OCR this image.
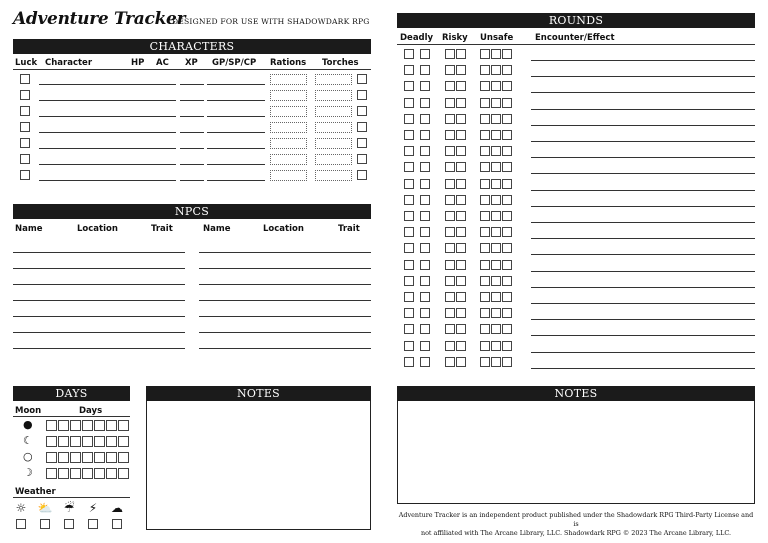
Adventure Tracker
DESIGNED FOR USE WITH SHADOWDARK RPG
CHARACTERS
Luck Character	HP AC XP GP/SP/CP Rations Torches
NPCS
Name	Location	Trait	Name	Location	Trait
DAYS
Moon	Days
●
☾
○
☽
Weather
☼ ⛅ ☔	⚡	☁
NOTES
ROUNDS
Deadly Risky Unsafe	Encounter/Effect
NOTES
Adventure Tracker is an independent product published under the Shadowdark RPG Third-Party License and is
not affiliated with The Arcane Library, LLC. Shadowdark RPG © 2023 The Arcane Library, LLC.
